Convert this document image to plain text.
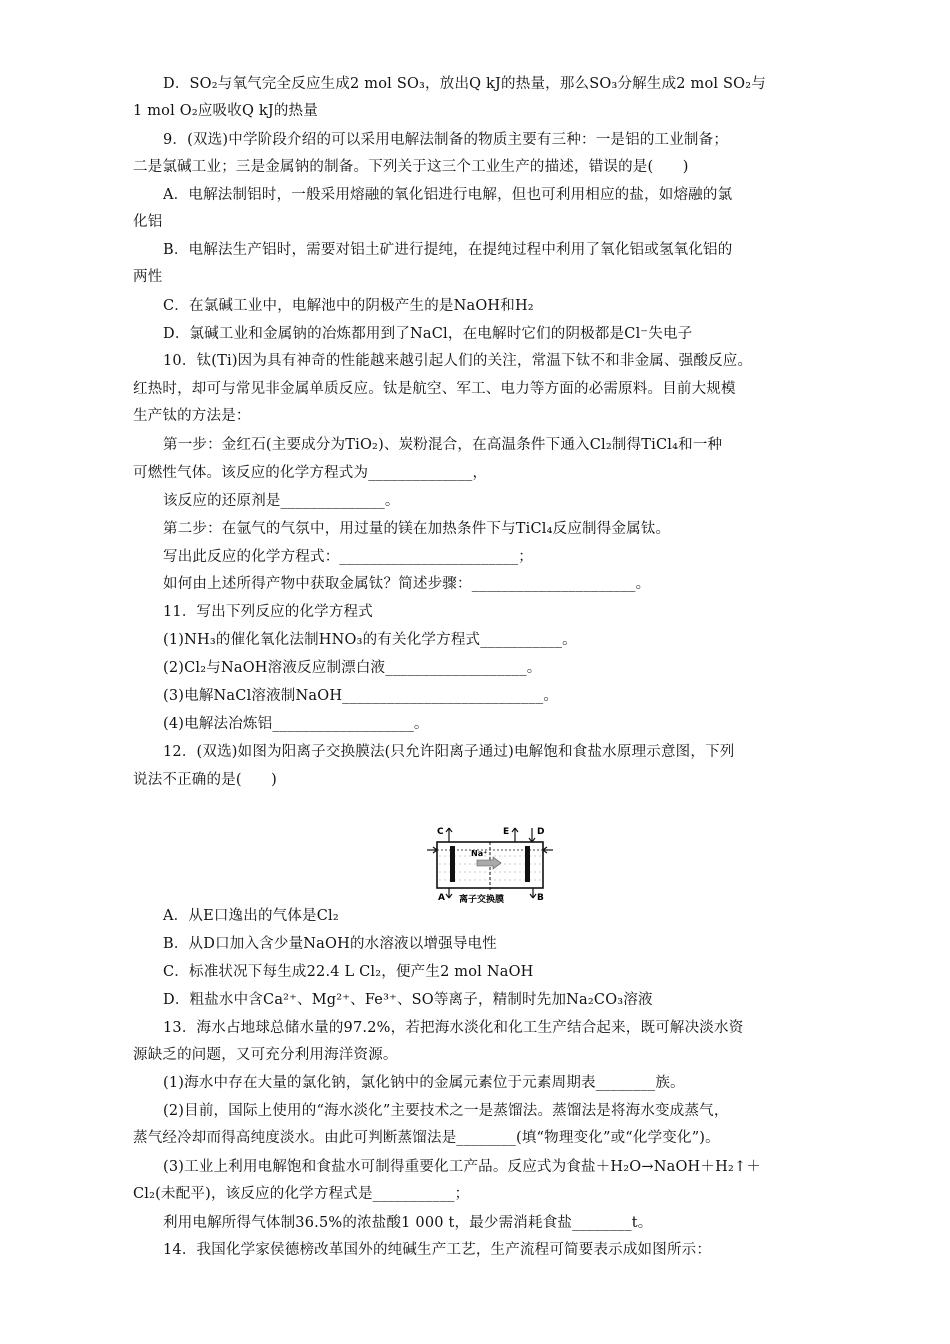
D．SO₂与氧气完全反应生成2 mol SO₃，放出Q kJ的热量，那么SO₃分解生成2 mol SO₂与
1 mol O₂应吸收Q kJ的热量
9．(双选)中学阶段介绍的可以采用电解法制备的物质主要有三种：一是铝的工业制备；
二是氯碱工业；三是金属钠的制备。下列关于这三个工业生产的描述，错误的是(　　)
A．电解法制铝时，一般采用熔融的氧化铝进行电解，但也可利用相应的盐，如熔融的氯
化铝
B．电解法生产铝时，需要对铝土矿进行提纯，在提纯过程中利用了氧化铝或氢氧化铝的
两性
C．在氯碱工业中，电解池中的阴极产生的是NaOH和H₂
D．氯碱工业和金属钠的冶炼都用到了NaCl，在电解时它们的阴极都是Cl⁻失电子
10．钛(Ti)因为具有神奇的性能越来越引起人们的关注，常温下钛不和非金属、强酸反应。
红热时，却可与常见非金属单质反应。钛是航空、军工、电力等方面的必需原料。目前大规模
生产钛的方法是：
第一步：金红石(主要成分为TiO₂)、炭粉混合，在高温条件下通入Cl₂制得TiCl₄和一种
可燃性气体。该反应的化学方程式为______________，
该反应的还原剂是______________。
第二步：在氩气的气氛中，用过量的镁在加热条件下与TiCl₄反应制得金属钛。
写出此反应的化学方程式：________________________；
如何由上述所得产物中获取金属钛？简述步骤：______________________。
11．写出下列反应的化学方程式
(1)NH₃的催化氧化法制HNO₃的有关化学方程式___________。
(2)Cl₂与NaOH溶液反应制漂白液___________________。
(3)电解NaCl溶液制NaOH___________________________。
(4)电解法冶炼铝___________________。
12．(双选)如图为阳离子交换膜法(只允许阳离子通过)电解饱和食盐水原理示意图，下列
说法不正确的是(　　)
C	E	D
Na⁺
A	B
离子交换膜
A．从E口逸出的气体是Cl₂
B．从D口加入含少量NaOH的水溶液以增强导电性
C．标准状况下每生成22.4 L Cl₂，便产生2 mol NaOH
D．粗盐水中含Ca²⁺、Mg²⁺、Fe³⁺、SO等离子，精制时先加Na₂CO₃溶液
13．海水占地球总储水量的97.2%，若把海水淡化和化工生产结合起来，既可解决淡水资
源缺乏的问题，又可充分利用海洋资源。
(1)海水中存在大量的氯化钠，氯化钠中的金属元素位于元素周期表________族。
(2)目前，国际上使用的“海水淡化”主要技术之一是蒸馏法。蒸馏法是将海水变成蒸气，
蒸气经冷却而得高纯度淡水。由此可判断蒸馏法是________(填“物理变化”或“化学变化”)。
(3)工业上利用电解饱和食盐水可制得重要化工产品。反应式为食盐＋H₂O→NaOH＋H₂↑＋
Cl₂(未配平)，该反应的化学方程式是___________；
利用电解所得气体制36.5%的浓盐酸1 000 t，最少需消耗食盐________t。
14．我国化学家侯德榜改革国外的纯碱生产工艺，生产流程可简要表示成如图所示：
